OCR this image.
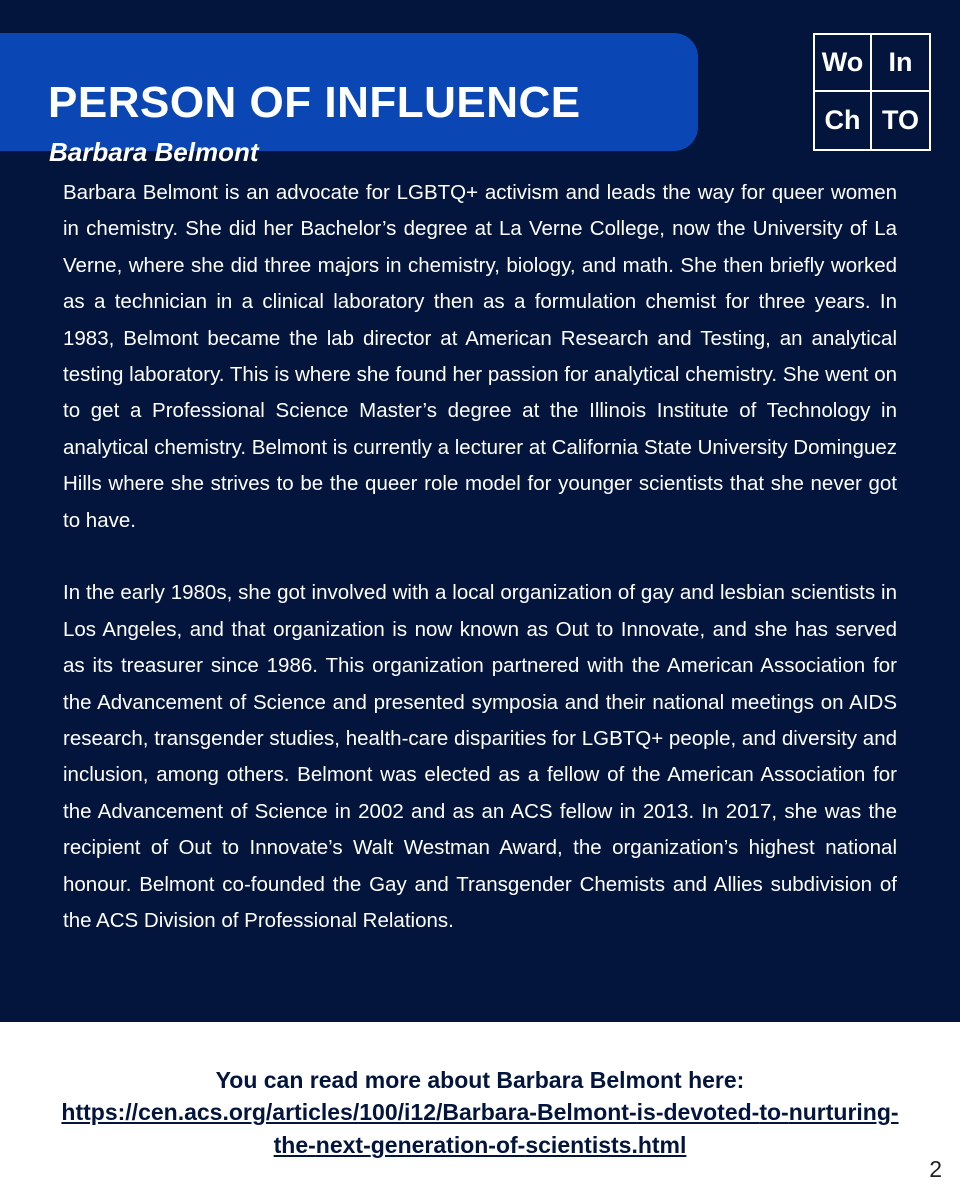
PERSON OF INFLUENCE
Barbara Belmont
Wo In
Ch TO

Barbara Belmont is an advocate for LGBTQ+ activism and leads the way for queer women in chemistry. She did her Bachelor’s degree at La Verne College, now the University of La Verne, where she did three majors in chemistry, biology, and math. She then briefly worked as a technician in a clinical laboratory then as a formulation chemist for three years. In 1983, Belmont became the lab director at American Research and Testing, an analytical testing laboratory. This is where she found her passion for analytical chemistry. She went on to get a Professional Science Master’s degree at the Illinois Institute of Technology in analytical chemistry. Belmont is currently a lecturer at California State University Dominguez Hills where she strives to be the queer role model for younger scientists that she never got to have.

In the early 1980s, she got involved with a local organization of gay and lesbian scientists in Los Angeles, and that organization is now known as Out to Innovate, and she has served as its treasurer since 1986. This organization partnered with the American Association for the Advancement of Science and presented symposia and their national meetings on AIDS research, transgender studies, health-care disparities for LGBTQ+ people, and diversity and inclusion, among others. Belmont was elected as a fellow of the American Association for the Advancement of Science in 2002 and as an ACS fellow in 2013. In 2017, she was the recipient of Out to Innovate’s Walt Westman Award, the organization’s highest national honour. Belmont co-founded the Gay and Transgender Chemists and Allies subdivision of the ACS Division of Professional Relations.

You can read more about Barbara Belmont here:
https://cen.acs.org/articles/100/i12/Barbara-Belmont-is-devoted-to-nurturing-the-next-generation-of-scientists.html
2
